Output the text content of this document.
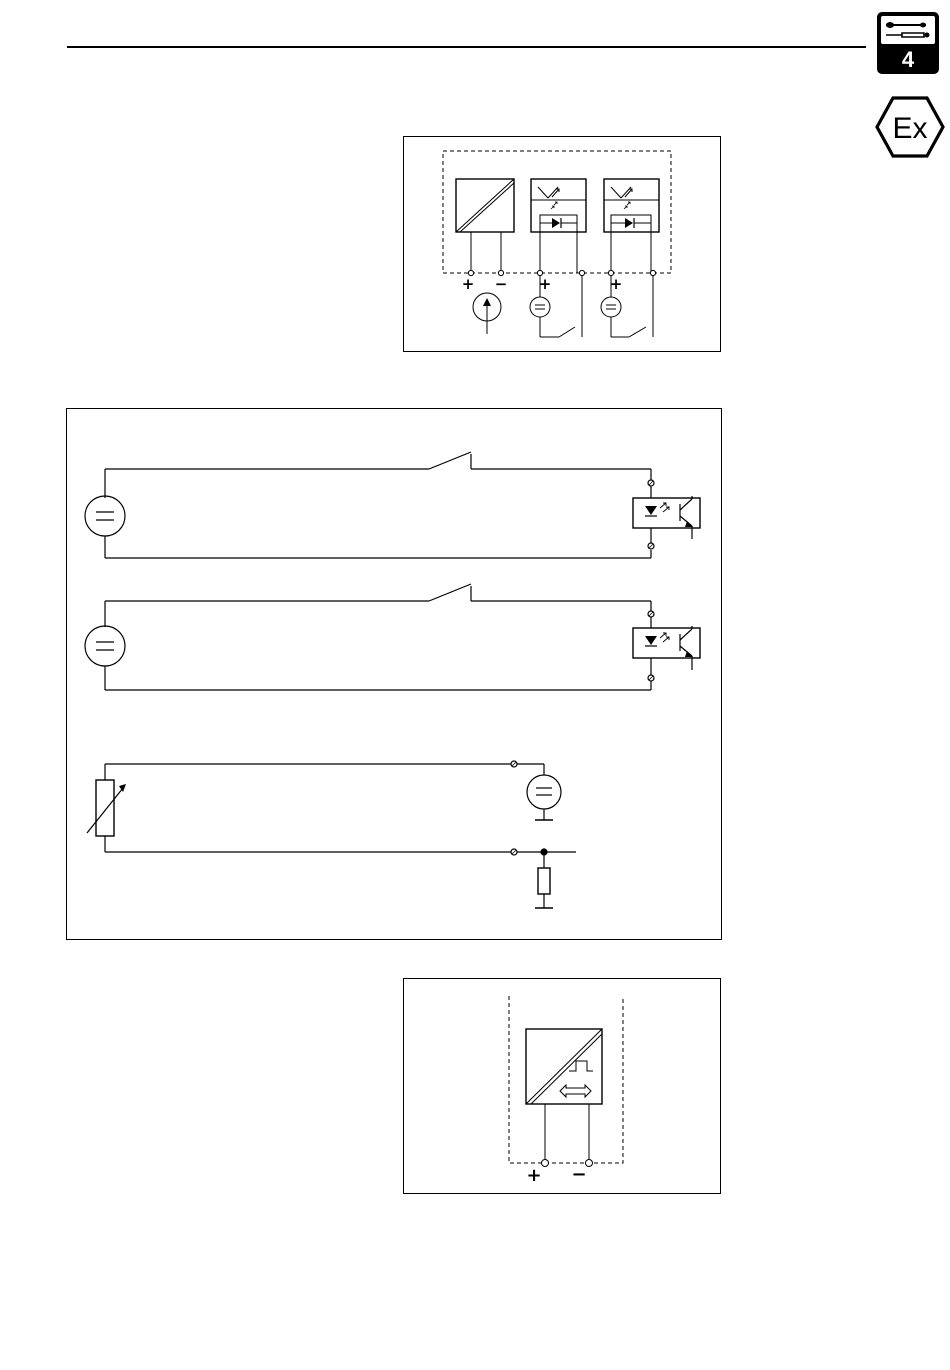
4
Ex
+ − +	+
+ −
